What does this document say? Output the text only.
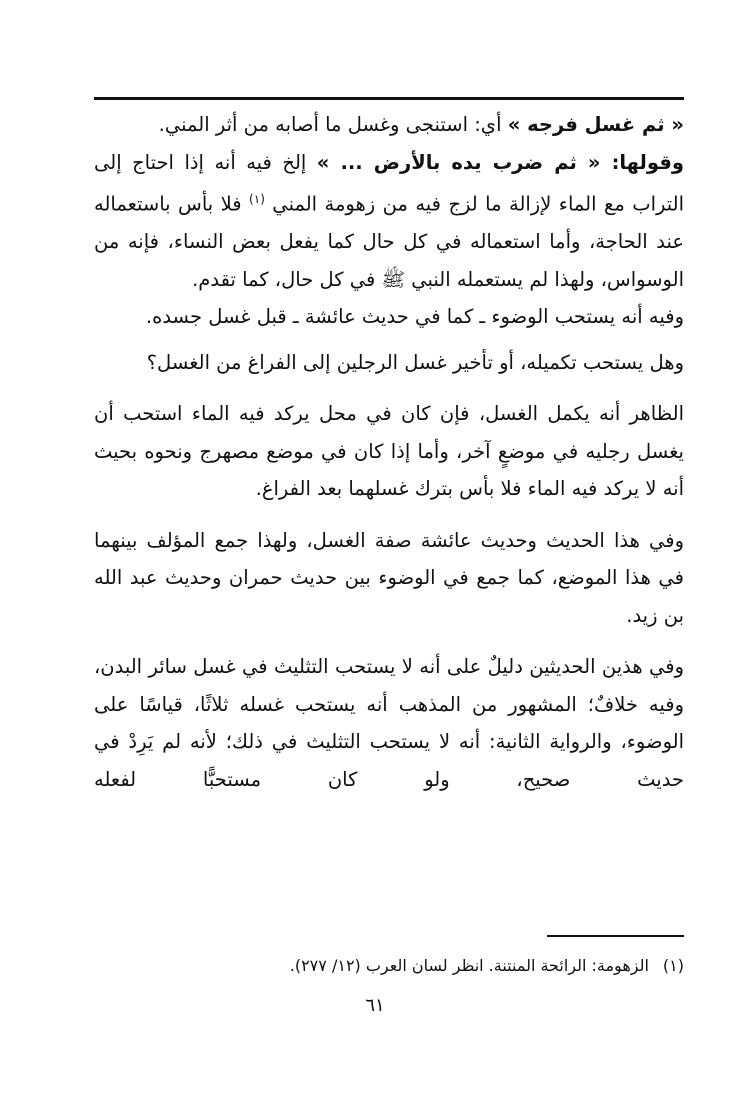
« ثم غسل فرجه » أي: استنجى وغسل ما أصابه من أثر المني.

وقولها: « ثم ضرب يده بالأرض ... » إلخ فيه أنه إذا احتاج إلى التراب مع الماء لإزالة ما لزج فيه من زهومة المني $^{(١)}$ فلا بأس باستعماله عند الحاجة، وأما استعماله في كل حال كما يفعل بعض النساء، فإنه من الوسواس، ولهذا لم يستعمله النبي ﷺ في كل حال، كما تقدم.

وفيه أنه يستحب الوضوء ـ كما في حديث عائشة ـ قبل غسل جسده.

وهل يستحب تكميله، أو تأخير غسل الرجلين إلى الفراغ من الغسل؟

الظاهر أنه يكمل الغسل، فإن كان في محل يركد فيه الماء استحب أن يغسل رجليه في موضعٍ آخر، وأما إذا كان في موضع مصهرج ونحوه بحيث أنه لا يركد فيه الماء فلا بأس بترك غسلهما بعد الفراغ.

وفي هذا الحديث وحديث عائشة صفة الغسل، ولهذا جمع المؤلف بينهما في هذا الموضع، كما جمع في الوضوء بين حديث حمران وحديث عبد الله بن زيد.

وفي هذين الحديثين دليلٌ على أنه لا يستحب التثليث في غسل سائر البدن، وفيه خلافٌ؛ المشهور من المذهب أنه يستحب غسله ثلاثًا، قياسًا على الوضوء، والرواية الثانية: أنه لا يستحب التثليث في ذلك؛ لأنه لم يَرِدْ في حديث صحيح، ولو كان مستحبًّا لفعله

(١)الزهومة: الرائحة المنتنة. انظر لسان العرب (١٢/ ٢٧٧).
٦١
